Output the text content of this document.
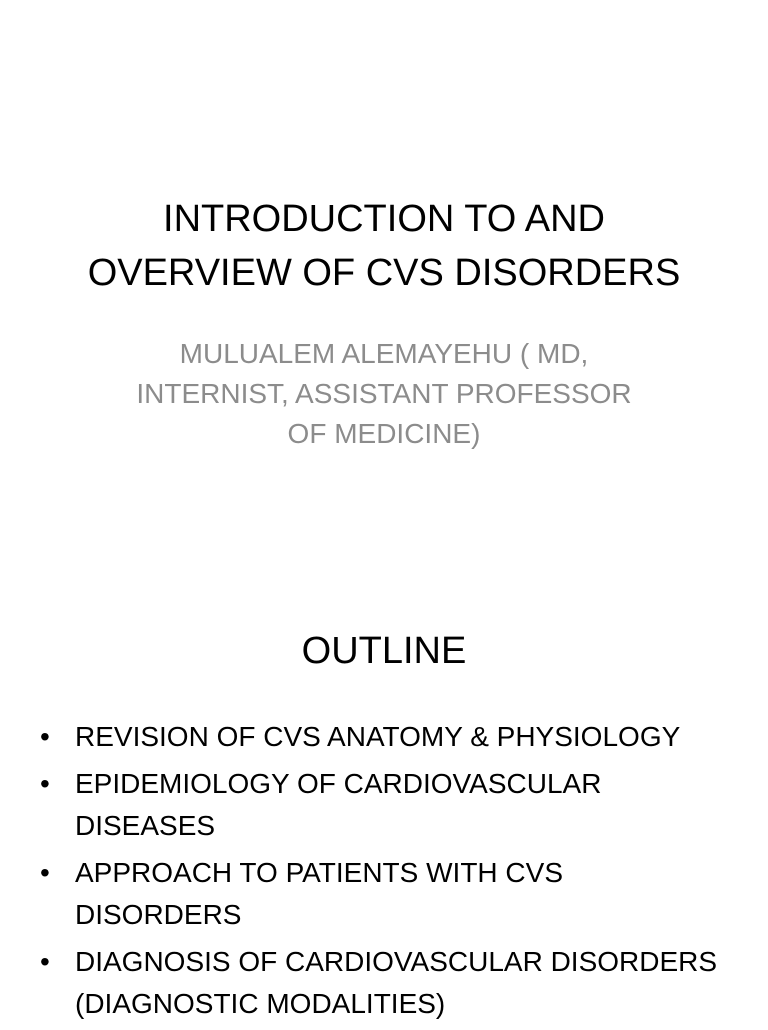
INTRODUCTION TO AND
OVERVIEW OF CVS DISORDERS
MULUALEM ALEMAYEHU ( MD,
INTERNIST, ASSISTANT PROFESSOR
OF MEDICINE)
OUTLINE
• REVISION OF CVS ANATOMY & PHYSIOLOGY
• EPIDEMIOLOGY OF CARDIOVASCULAR
DISEASES
• APPROACH TO PATIENTS WITH CVS
DISORDERS
• DIAGNOSIS OF CARDIOVASCULAR DISORDERS
(DIAGNOSTIC MODALITIES)
